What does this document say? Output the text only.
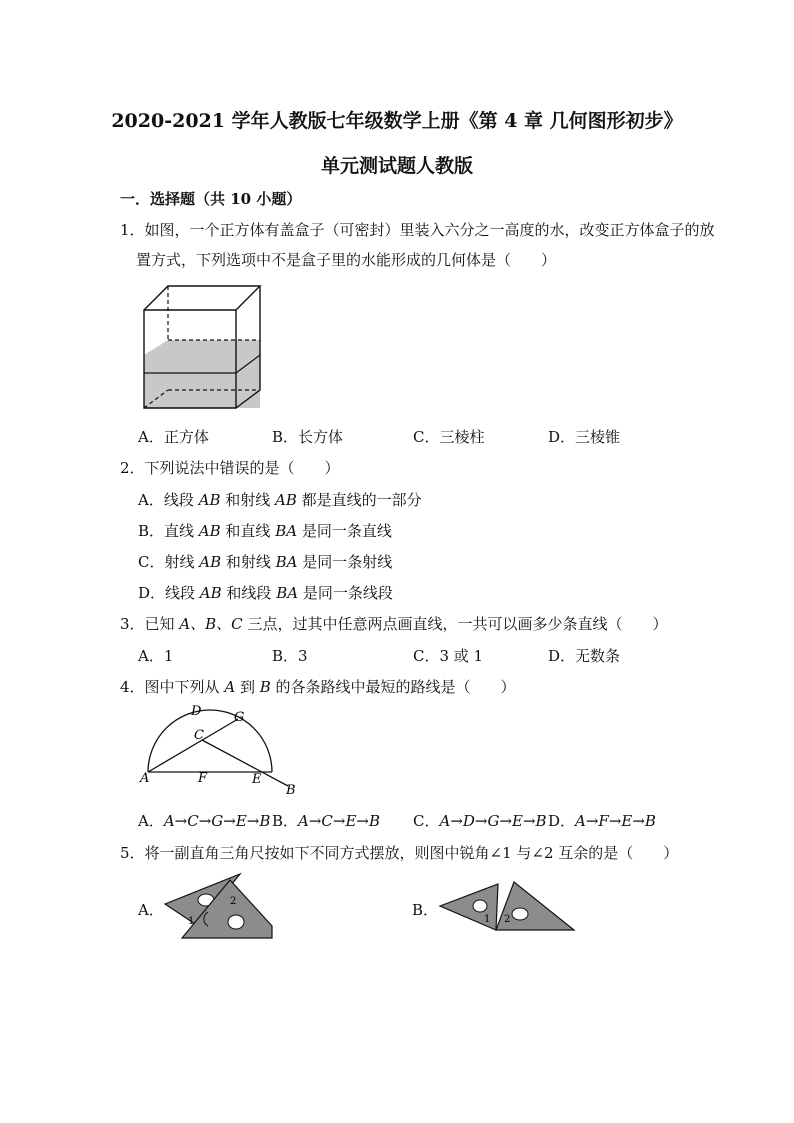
2020-2021 学年人教版七年级数学上册《第 4 章 几何图形初步》
单元测试题人教版
一．选择题（共 10 小题）
1．如图，一个正方体有盖盒子（可密封）里装入六分之一高度的水，改变正方体盒子的放
置方式，下列选项中不是盒子里的水能形成的几何体是（　　）
A．正方体	B．长方体	C．三棱柱	D．三棱锥
2．下列说法中错误的是（　　）
A．线段 AB 和射线 AB 都是直线的一部分
B．直线 AB 和直线 BA 是同一条直线
C．射线 AB 和射线 BA 是同一条射线
D．线段 AB 和线段 BA 是同一条线段
3．已知 A、B、C 三点，过其中任意两点画直线，一共可以画多少条直线（　　）
A．1	B．3	C．3 或 1	D．无数条
4．图中下列从 A 到 B 的各条路线中最短的路线是（　　）
D	G
C
A	F	E
B
A．A→C→G→E→B B．A→C→E→B C．A→D→G→E→B D．A→F→E→B
5．将一副直角三角尺按如下不同方式摆放，则图中锐角∠1 与∠2 互余的是（　　）
A．
1
2	B．
1 2
